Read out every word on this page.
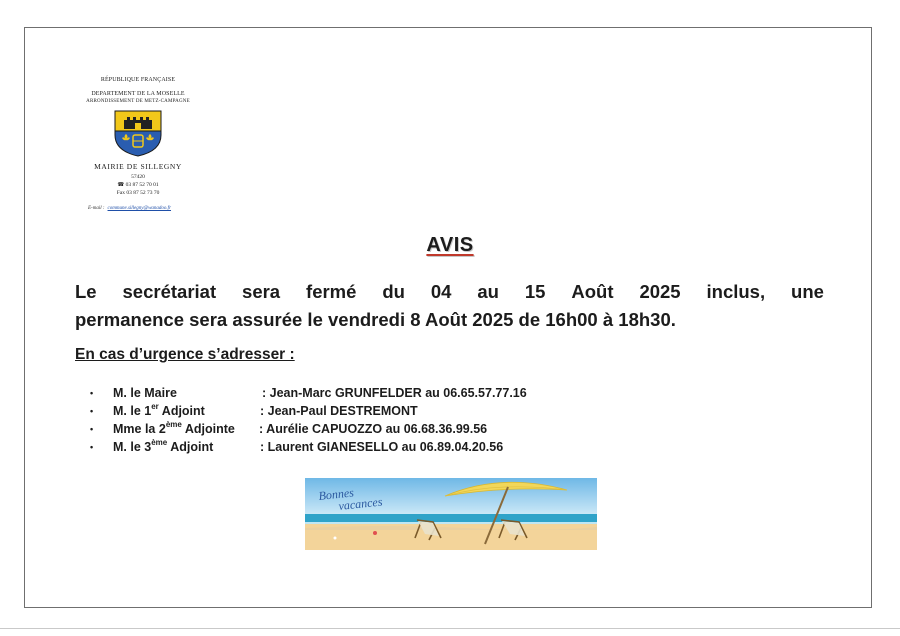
RÉPUBLIQUE FRANÇAISE
DEPARTEMENT DE LA MOSELLE
ARRONDISSEMENT DE METZ-CAMPAGNE
MAIRIE DE SILLEGNY
57420
☎ 03 87 52 70 01
Fax 03 87 52 73 70
E-mail : commune.sillegny@wanadoo.fr
AVIS
Le secrétariat sera fermé du 04 au 15 Août 2025 inclus, une
permanence sera assurée le vendredi 8 Août 2025 de 16h00 à 18h30.
En cas d’urgence s’adresser :
• M. le Maire	: Jean-Marc GRUNFELDER au 06.65.57.77.16
• M. le 1er Adjoint	: Jean-Paul DESTREMONT
• Mme la 2ème Adjointe : Aurélie CAPUOZZO au 06.68.36.99.56
• M. le 3ème Adjoint	: Laurent GIANESELLO au 06.89.04.20.56
Bonnes
vacances
